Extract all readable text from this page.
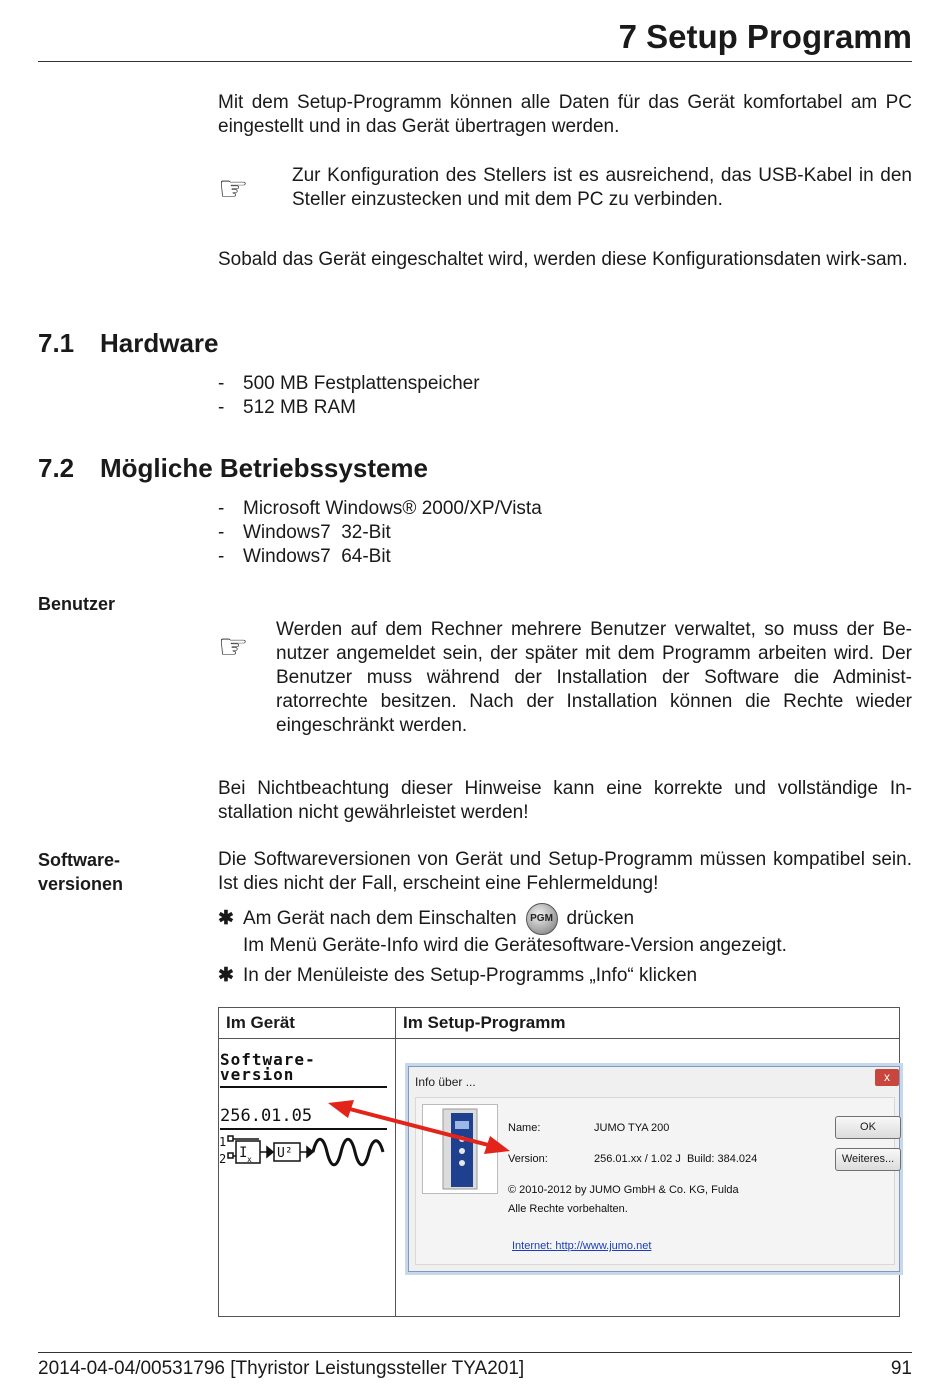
7 Setup Programm
Mit dem Setup-Programm können alle Daten für das Gerät komfortabel am PC eingestellt und in das Gerät übertragen werden.
☞ Zur Konfiguration des Stellers ist es ausreichend, das USB-Kabel in den Steller einzustecken und mit dem PC zu verbinden.
Sobald das Gerät eingeschaltet wird, werden diese Konfigurationsdaten wirk-sam.
7.1 Hardware
- 500 MB Festplattenspeicher
- 512 MB RAM
7.2 Mögliche Betriebssysteme
- Microsoft Windows® 2000/XP/Vista
- Windows7  32-Bit
- Windows7  64-Bit
Benutzer
☞ Werden auf dem Rechner mehrere Benutzer verwaltet, so muss der Be-nutzer angemeldet sein, der später mit dem Programm arbeiten wird. Der Benutzer muss während der Installation der Software die Administ-ratorrechte besitzen. Nach der Installation können die Rechte wieder eingeschränkt werden.
Bei Nichtbeachtung dieser Hinweise kann eine korrekte und vollständige In-stallation nicht gewährleistet werden!
Software-
versionen
Die Softwareversionen von Gerät und Setup-Programm müssen kompatibel sein. Ist dies nicht der Fall, erscheint eine Fehlermeldung!
✱ Am Gerät nach dem Einschalten PGM drücken
Im Menü Geräte-Info wird die Gerätesoftware-Version angezeigt.
✱ In der Menüleiste des Setup-Programms „Info“ klicken
Im Gerät	Im Setup-Programm

Software-
version
256.01.05
1
2 I x U²
Info über ...	x
Name:	JUMO TYA 200
Version:	256.01.xx / 1.02 J  Build: 384.024
© 2010-2012 by JUMO GmbH & Co. KG, Fulda
Alle Rechte vorbehalten.
Internet: http://www.jumo.net
OK
Weiteres...
2014-04-04/00531796 [Thyristor Leistungssteller TYA201]	91
